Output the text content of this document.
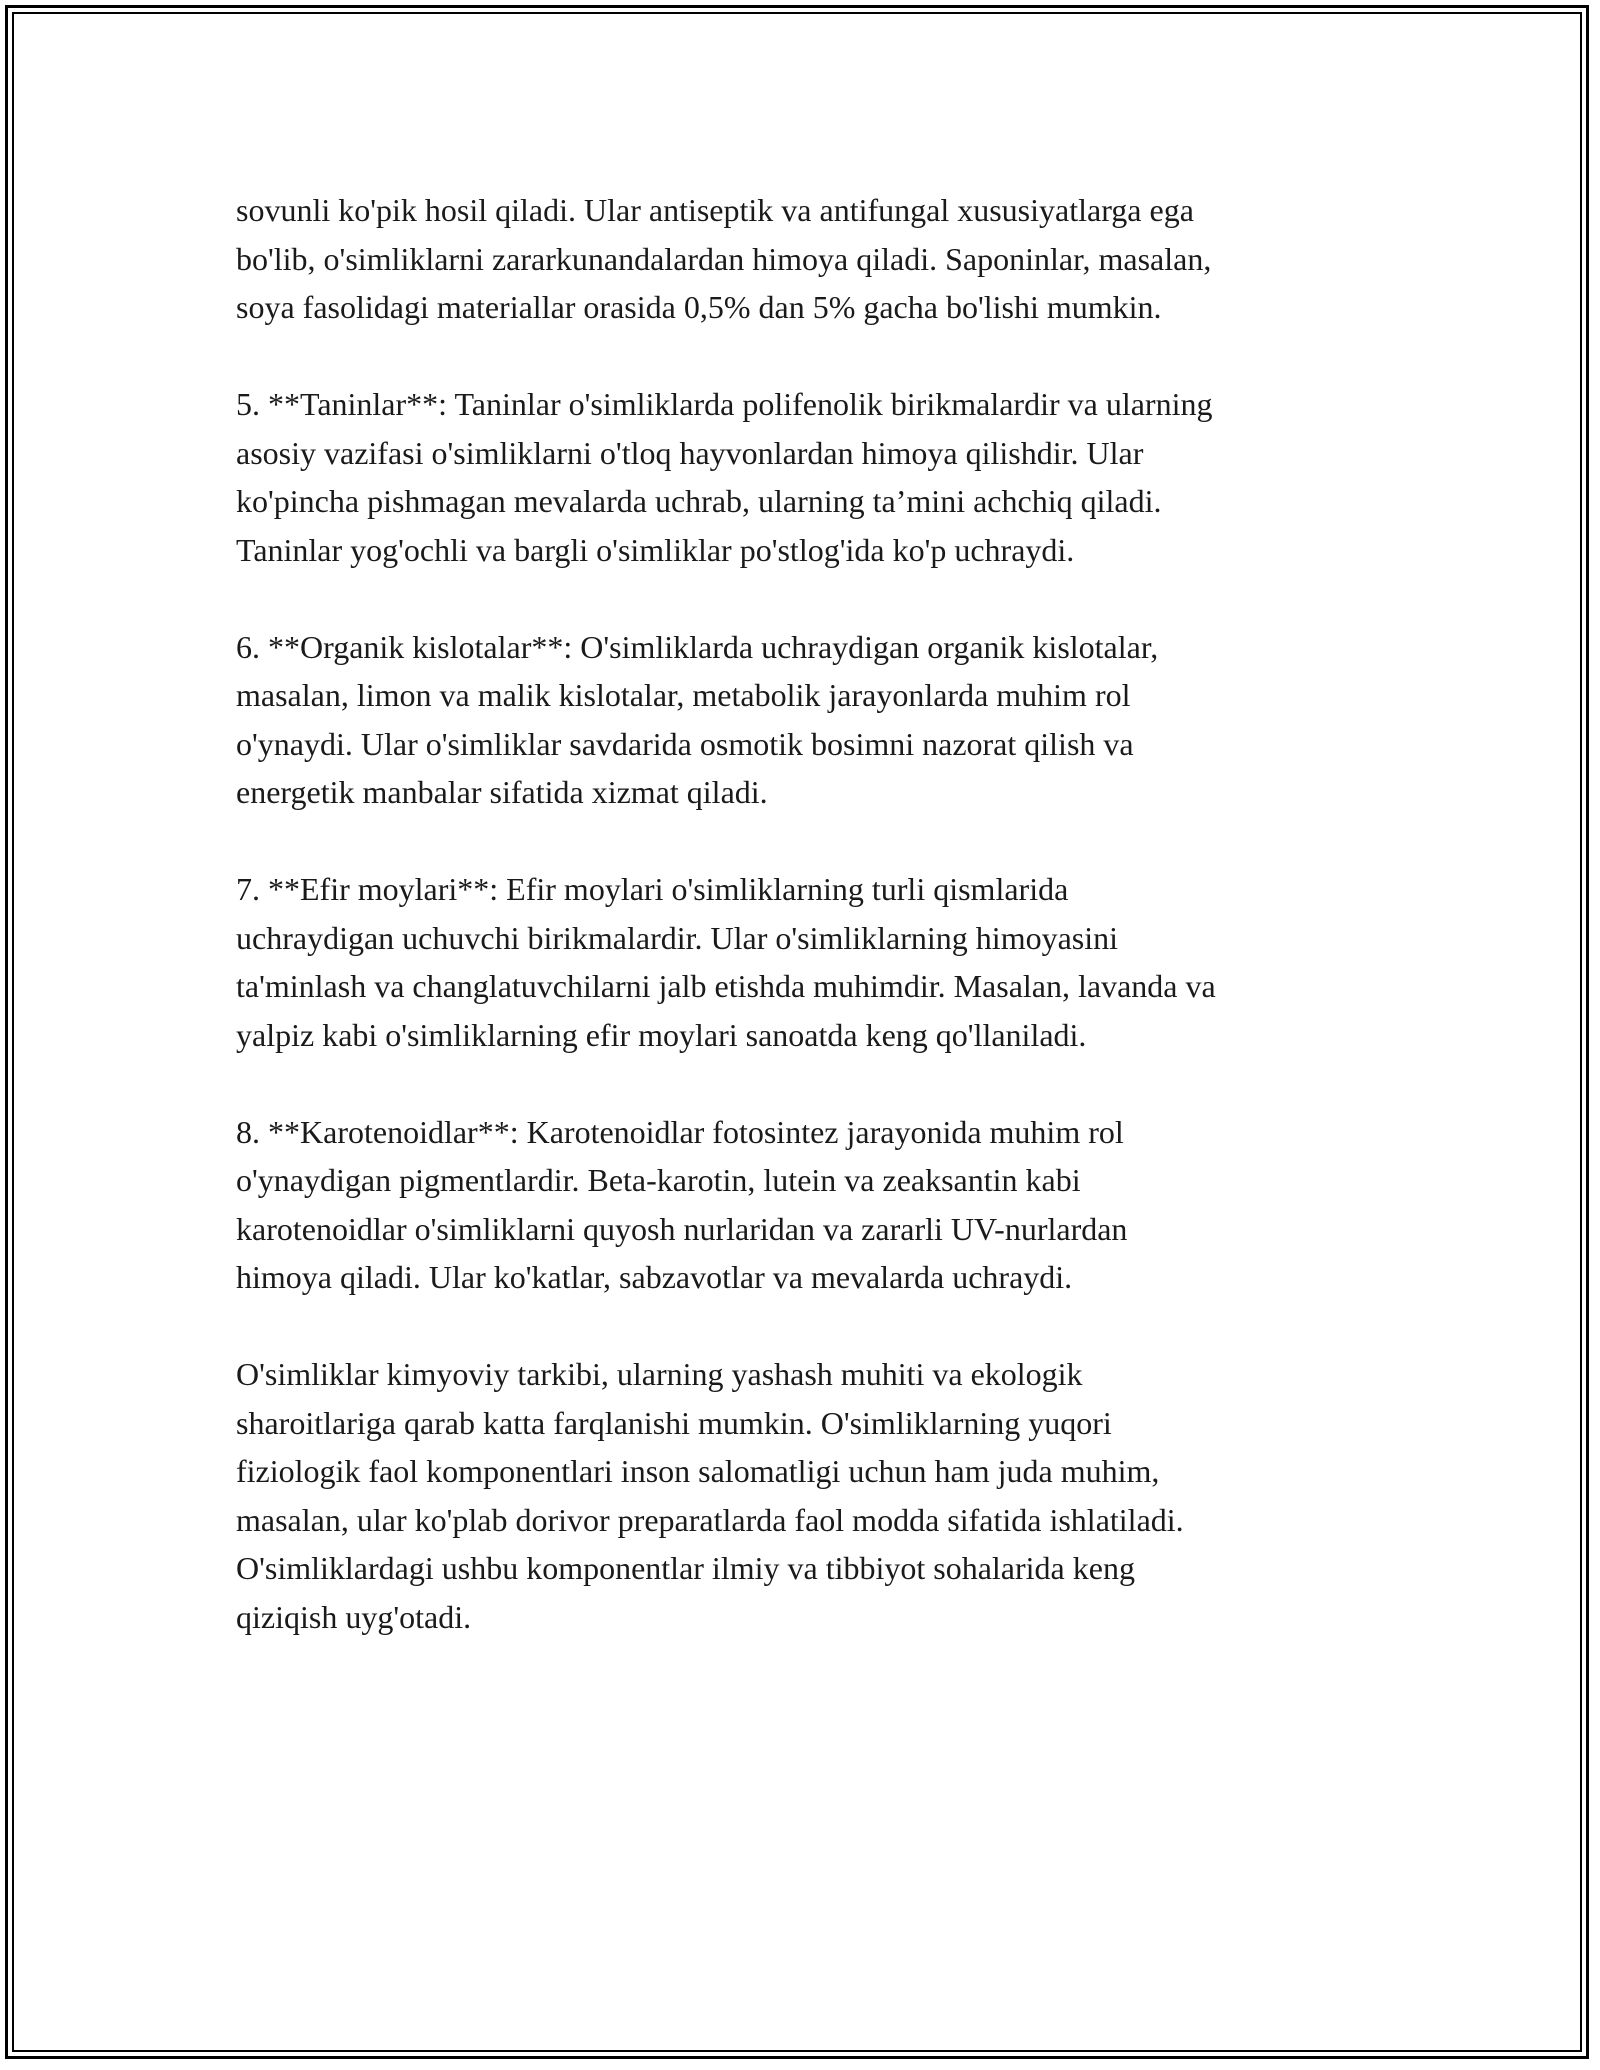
sovunli ko'pik hosil qiladi. Ular antiseptik va antifungal xususiyatlarga ega
bo'lib, o'simliklarni zararkunandalardan himoya qiladi. Saponinlar, masalan,
soya fasolidagi materiallar orasida 0,5% dan 5% gacha bo'lishi mumkin.

5. **Taninlar**: Taninlar o'simliklarda polifenolik birikmalardir va ularning
asosiy vazifasi o'simliklarni o'tloq hayvonlardan himoya qilishdir. Ular
ko'pincha pishmagan mevalarda uchrab, ularning ta’mini achchiq qiladi.
Taninlar yog'ochli va bargli o'simliklar po'stlog'ida ko'p uchraydi.

6. **Organik kislotalar**: O'simliklarda uchraydigan organik kislotalar,
masalan, limon va malik kislotalar, metabolik jarayonlarda muhim rol
o'ynaydi. Ular o'simliklar savdarida osmotik bosimni nazorat qilish va
energetik manbalar sifatida xizmat qiladi.

7. **Efir moylari**: Efir moylari o'simliklarning turli qismlarida
uchraydigan uchuvchi birikmalardir. Ular o'simliklarning himoyasini
ta'minlash va changlatuvchilarni jalb etishda muhimdir. Masalan, lavanda va
yalpiz kabi o'simliklarning efir moylari sanoatda keng qo'llaniladi.

8. **Karotenoidlar**: Karotenoidlar fotosintez jarayonida muhim rol
o'ynaydigan pigmentlardir. Beta-karotin, lutein va zeaksantin kabi
karotenoidlar o'simliklarni quyosh nurlaridan va zararli UV-nurlardan
himoya qiladi. Ular ko'katlar, sabzavotlar va mevalarda uchraydi.

O'simliklar kimyoviy tarkibi, ularning yashash muhiti va ekologik
sharoitlariga qarab katta farqlanishi mumkin. O'simliklarning yuqori
fiziologik faol komponentlari inson salomatligi uchun ham juda muhim,
masalan, ular ko'plab dorivor preparatlarda faol modda sifatida ishlatiladi.
O'simliklardagi ushbu komponentlar ilmiy va tibbiyot sohalarida keng
qiziqish uyg'otadi.
